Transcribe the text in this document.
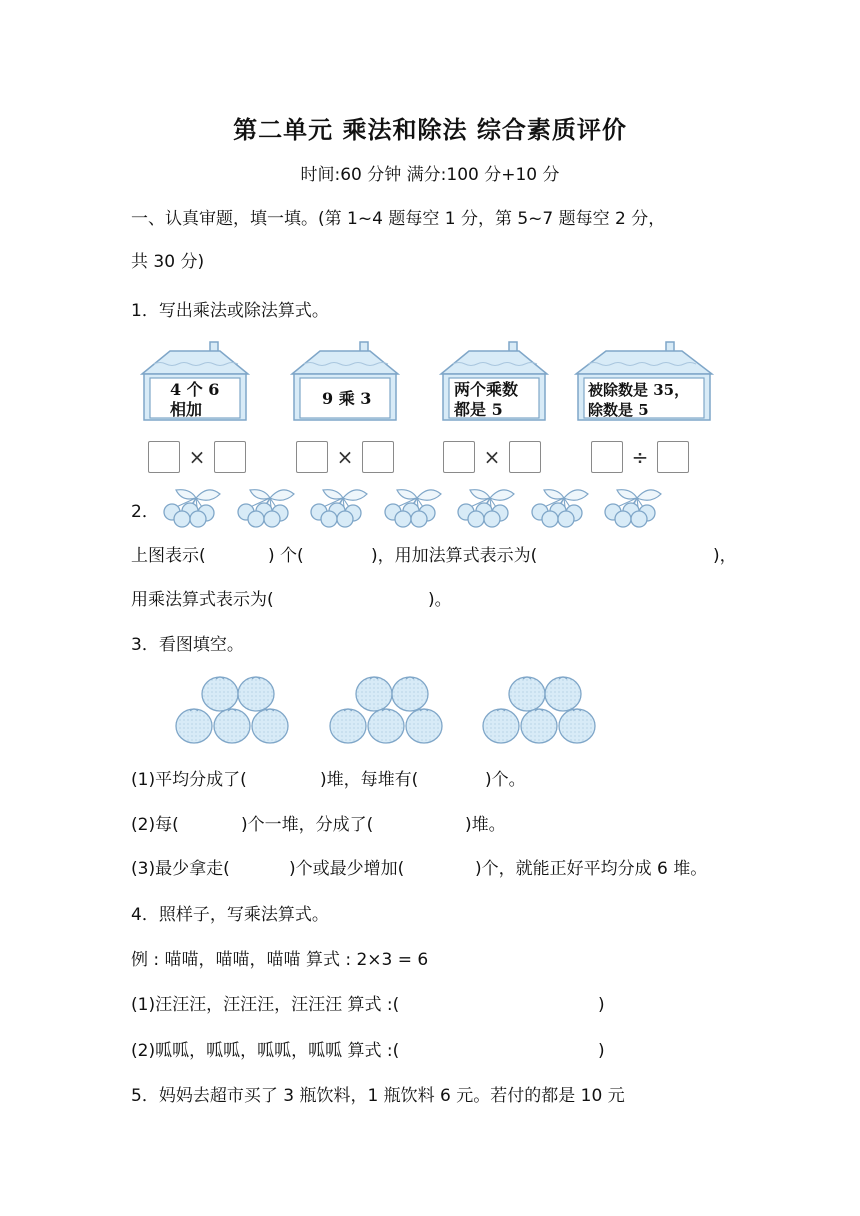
第二单元 乘法和除法 综合素质评价
时间:60 分钟 满分:100 分+10 分
一、认真审题，填一填。(第 1~4 题每空 1 分，第 5~7 题每空 2 分，
共 30 分)
1．写出乘法或除法算式。
4 个 6
相加
9 乘 3	两个乘数
都是 5
被除数是 35，
除数是 5
×	×	×	÷
2．
上图表示(	) 个(	)，用加法算式表示为(	)，
用乘法算式表示为(	)。
3．看图填空。
(1)平均分成了(	)堆，每堆有(	)个。
(2)每(	)个一堆，分成了(	)堆。
(3)最少拿走(	)个或最少增加(	)个，就能正好平均分成 6 堆。
4．照样子，写乘法算式。
例 : 喵喵，喵喵，喵喵 算式 : 2×3 = 6
(1)汪汪汪，汪汪汪，汪汪汪 算式 :(	)
(2)呱呱，呱呱，呱呱，呱呱 算式 :(	)
5．妈妈去超市买了 3 瓶饮料，1 瓶饮料 6 元。若付的都是 10 元
